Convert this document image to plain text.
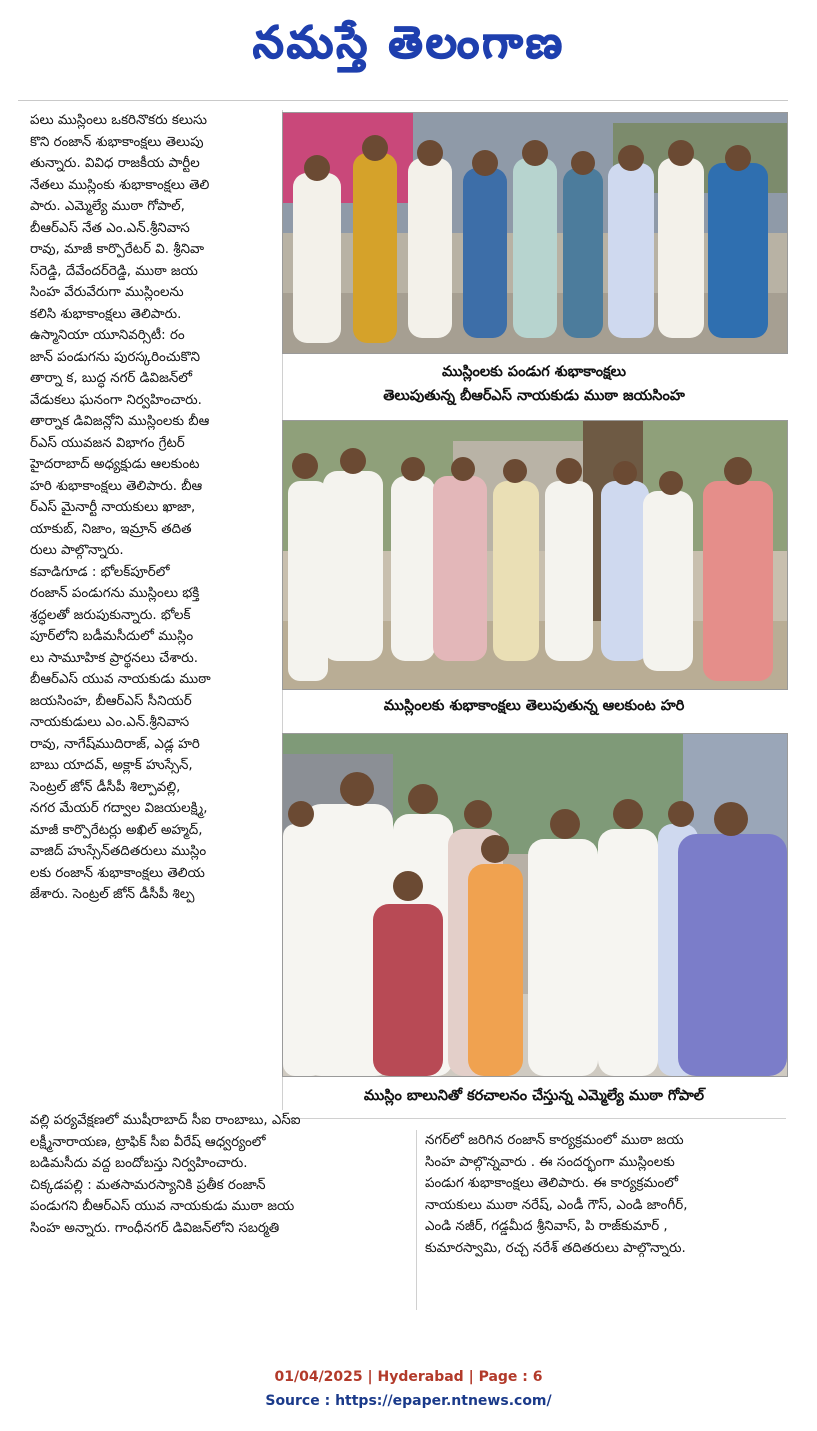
నమస్తే తెలంగాణ

పలు ముస్లింలు ఒకరినొకరు కలుసు

కొని రంజాన్ శుభాకాంక్షలు తెలుపు

తున్నారు. వివిధ రాజకీయ పార్టీల

నేతలు ముస్లింకు శుభాకాంక్షలు తెలి

పారు. ఎమ్మెల్యే ముఠా గోపాల్,

బీఆర్ఎస్ నేత ఎం.ఎన్.శ్రీనివాస

రావు, మాజీ కార్పొరేటర్ వి. శ్రీనివా

స్‌రెడ్డి, దేవేందర్‌రెడ్డి, ముఠా జయ

సింహ వేరువేరుగా ముస్లింలను

కలిసి శుభాకాంక్షలు తెలిపారు.

ఉస్మానియా యూనివర్సిటీ: రం

జాన్ పండుగను పురస్కరించుకొని

తార్నా క, బుద్ధ నగర్ డివిజన్‌లో

వేడుకలు ఘనంగా నిర్వహించారు.

తార్నాక డివిజన్లోని ముస్లింలకు బీఆ

ర్ఎస్ యువజన విభాగం గ్రేటర్

హైదరాబాద్ అధ్యక్షుడు ఆలకుంట

హరి శుభాకాంక్షలు తెలిపారు. బీఆ

ర్ఎస్ మైనార్టీ నాయకులు ఖాజా,

యాకుబ్, నిజాం, ఇమ్రాన్ తదిత

రులు పాల్గొన్నారు.

కవాడిగూడ : భోలక్‌పూర్‌లో

రంజాన్ పండుగను ముస్లింలు భక్తి

శ్రద్ధలతో జరుపుకున్నారు. భోలక్

పూర్‌లోని బడీమసీదులో ముస్లిం

లు సామూహిక ప్రార్థనలు చేశారు.

బీఆర్ఎస్ యువ నాయకుడు ముఠా

జయసింహ, బీఆర్ఎస్ సీనియర్

నాయకుడులు ఎం.ఎన్.శ్రీనివాస

రావు, నాగేష్‌ముదిరాజ్, ఎడ్ల హరి

బాబు యాదవ్, అక్లాక్ హుస్సేన్,

సెంట్రల్ జోన్ డీసీపీ శిల్పావల్లి,

నగర మేయర్ గద్వాల విజయలక్ష్మి,

మాజీ కార్పొరేటర్లు అఖిల్ అహ్మద్,

వాజిద్ హుస్సేన్‌తదితరులు ముస్లిం

లకు రంజాన్ శుభాకాంక్షలు తెలియ

జేశారు. సెంట్రల్ జోన్ డీసీపీ శిల్ప

ముస్లింలకు పండుగ శుభాకాంక్షలు
తెలుపుతున్న బీఆర్ఎస్ నాయకుడు ముఠా జయసింహ
ముస్లింలకు శుభాకాంక్షలు తెలుపుతున్న ఆలకుంట హరి
ముస్లిం బాలునితో కరచాలనం చేస్తున్న ఎమ్మెల్యే ముఠా గోపాల్

వల్లి పర్యవేక్షణలో ముషీరాబాద్ సీఐ రాంబాబు, ఎస్ఐ

లక్ష్మీనారాయణ, ట్రాఫిక్ సీఐ వీరేష్ ఆధ్వర్యంలో

బడిమసీదు వద్ద బందోబస్తు నిర్వహించారు.

చిక్కడపల్లి : మతసామరస్యానికి ప్రతీక రంజాన్

పండుగని బీఆర్ఎస్ యువ నాయకుడు ముఠా జయ

సింహ అన్నారు. గాంధీనగర్ డివిజన్‌లోని సబర్మతి

నగర్‌లో జరిగిన రంజాన్ కార్యక్రమంలో ముఠా జయ

సింహ పాల్గొన్నవారు . ఈ సందర్భంగా ముస్లింలకు

పండుగ శుభాకాంక్షలు తెలిపారు. ఈ కార్యక్రమంలో

నాయకులు ముఠా నరేష్, ఎండీ గౌస్, ఎండి జాంగీర్,

ఎండి నజీర్, గడ్డమీద శ్రీనివాస్, పి రాజ్‌కుమార్ ,

కుమారస్వామి, రచ్చ నరేశ్ తదితరులు పాల్గొన్నారు.

01/04/2025 | Hyderabad | Page : 6
Source : https://epaper.ntnews.com/
